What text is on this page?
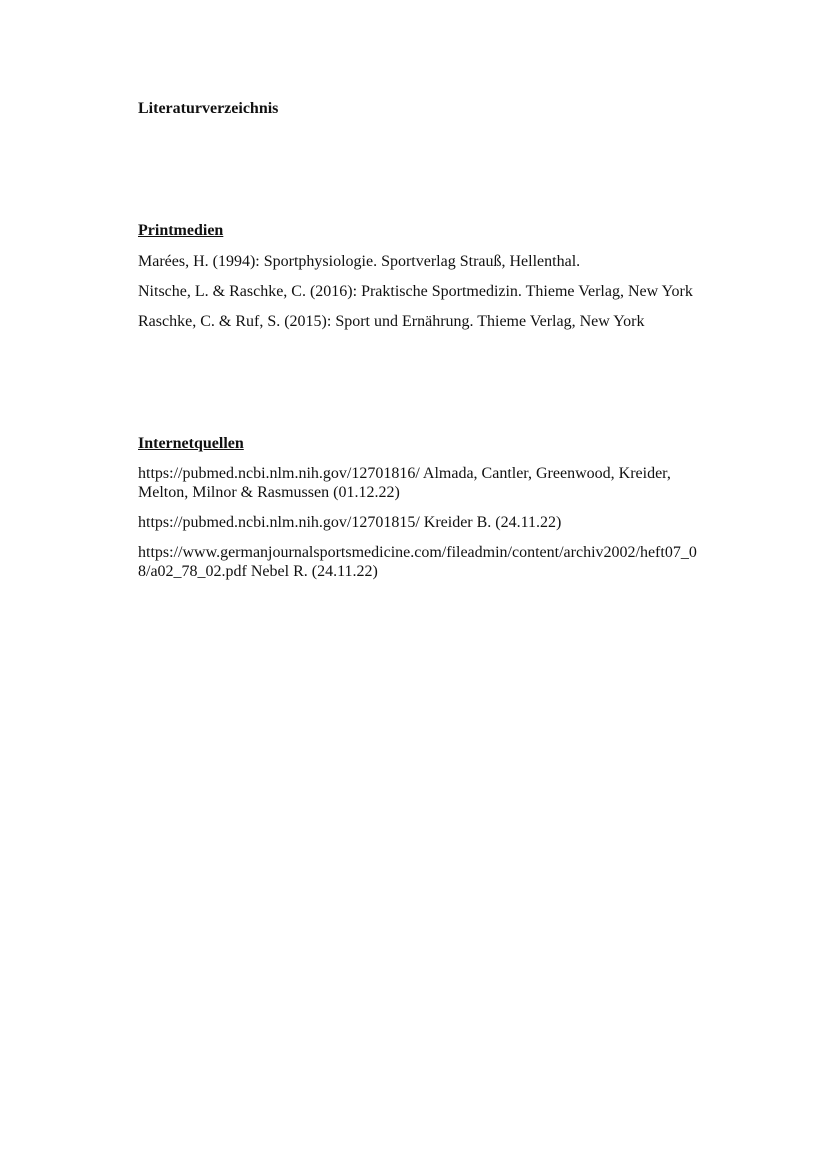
Literaturverzeichnis
Printmedien
Marées, H. (1994): Sportphysiologie. Sportverlag Strauß, Hellenthal.
Nitsche, L. & Raschke, C. (2016): Praktische Sportmedizin. Thieme Verlag, New York
Raschke, C. & Ruf, S. (2015): Sport und Ernährung. Thieme Verlag, New York
Internetquellen
https://pubmed.ncbi.nlm.nih.gov/12701816/ Almada, Cantler, Greenwood, Kreider,
Melton, Milnor & Rasmussen (01.12.22)
https://pubmed.ncbi.nlm.nih.gov/12701815/ Kreider B. (24.11.22)
https://www.germanjournalsportsmedicine.com/fileadmin/content/archiv2002/heft07_0
8/a02_78_02.pdf Nebel R. (24.11.22)
